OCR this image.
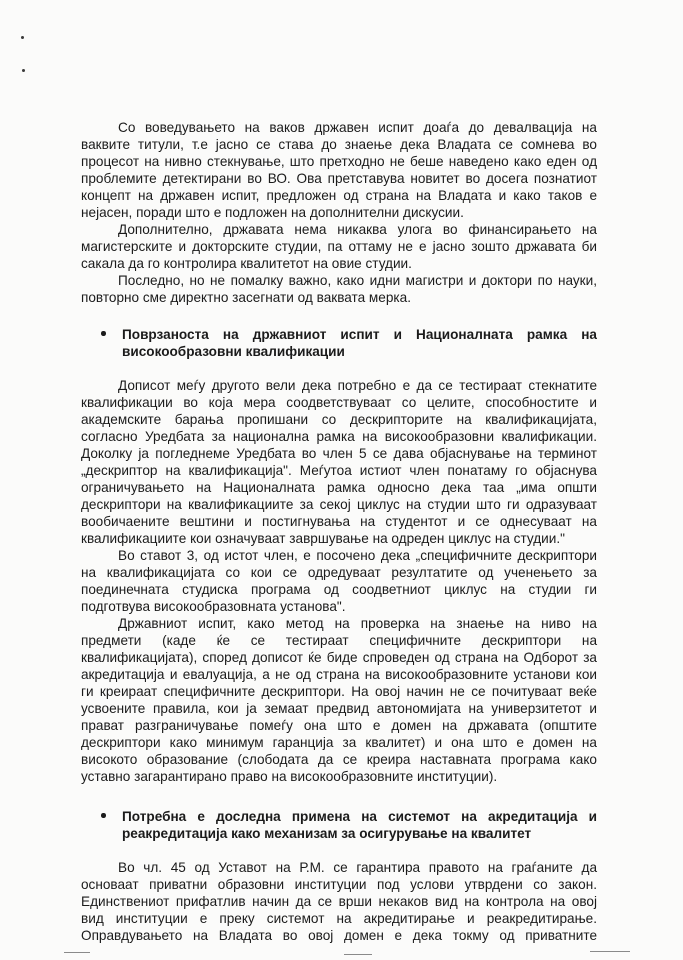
Со воведувањето на ваков државен испит доаѓа до девалвација на
ваквите титули, т.е јасно се става до знаење дека Владата се сомнева во
процесот на нивно стекнување, што претходно не беше наведено како еден од
проблемите детектирани во ВО. Ова претставува новитет во досега познатиот
концепт на државен испит, предложен од страна на Владата и како таков е
нејасен, поради што е подложен на дополнителни дискусии.
Дополнително, државата нема никаква улога во финансирањето на
магистерските и докторските студии, па оттаму не е јасно зошто државата би
сакала да го контролира квалитетот на овие студии.
Последно, но не помалку важно, како идни магистри и доктори по науки,
повторно сме директно засегнати од ваквата мерка.
Поврзаноста на државниот испит и Националната рамка на
високообразовни квалификации
Дописот меѓу другото вели дека потребно е да се тестираат стекнатите
квалификации во која мера соодветствуваат со целите, способностите и
академските барања пропишани со дескрипторите на квалификацијата,
согласно Уредбата за национална рамка на високообразовни квалификации.
Доколку ја погледнеме Уредбата во член 5 се дава објаснување на терминот
„дескриптор на квалификација". Меѓутоа истиот член понатаму го објаснува
ограничувањето на Националната рамка односно дека таа „има општи
дескриптори на квалификациите за секој циклус на студии што ги одразуваат
вообичаените вештини и постигнувања на студентот и се однесуваат на
квалификациите кои означуваат завршување на одреден циклус на студии."
Во ставот 3, од истот член, е посочено дека „специфичните дескриптори
на квалификацијата со кои се одредуваат резултатите од ученењето за
поединечната студиска програма од соодветниот циклус на студии ги
подготвува високообразовната установа".
Државниот испит, како метод на проверка на знаење на ниво на
предмети (каде ќе се тестираат специфичните дескриптори на
квалификацијата), според дописот ќе биде спроведен од страна на Одборот за
акредитација и евалуација, а не од страна на високообразовните установи кои
ги креираат специфичните дескриптори. На овој начин не се почитуваат веќе
усвоените правила, кои ја земаат предвид автономијата на универзитетот и
прават разграничување помеѓу она што е домен на државата (општите
дескриптори како минимум гаранција за квалитет) и она што е домен на
високото образование (слободата да се креира наставната програма како
уставно загарантирано право на високообразовните институции).
Потребна е доследна примена на системот на акредитација и
реакредитација како механизам за осигурување на квалитет
Во чл. 45 од Уставот на Р.М. се гарантира правото на граѓаните да
основаат приватни образовни институции под услови утврдени со закон.
Единствениот прифатлив начин да се врши некаков вид на контрола на овој
вид институции е преку системот на акредитирање и реакредитирање.
Оправдувањето на Владата во овој домен е дека токму од приватните
